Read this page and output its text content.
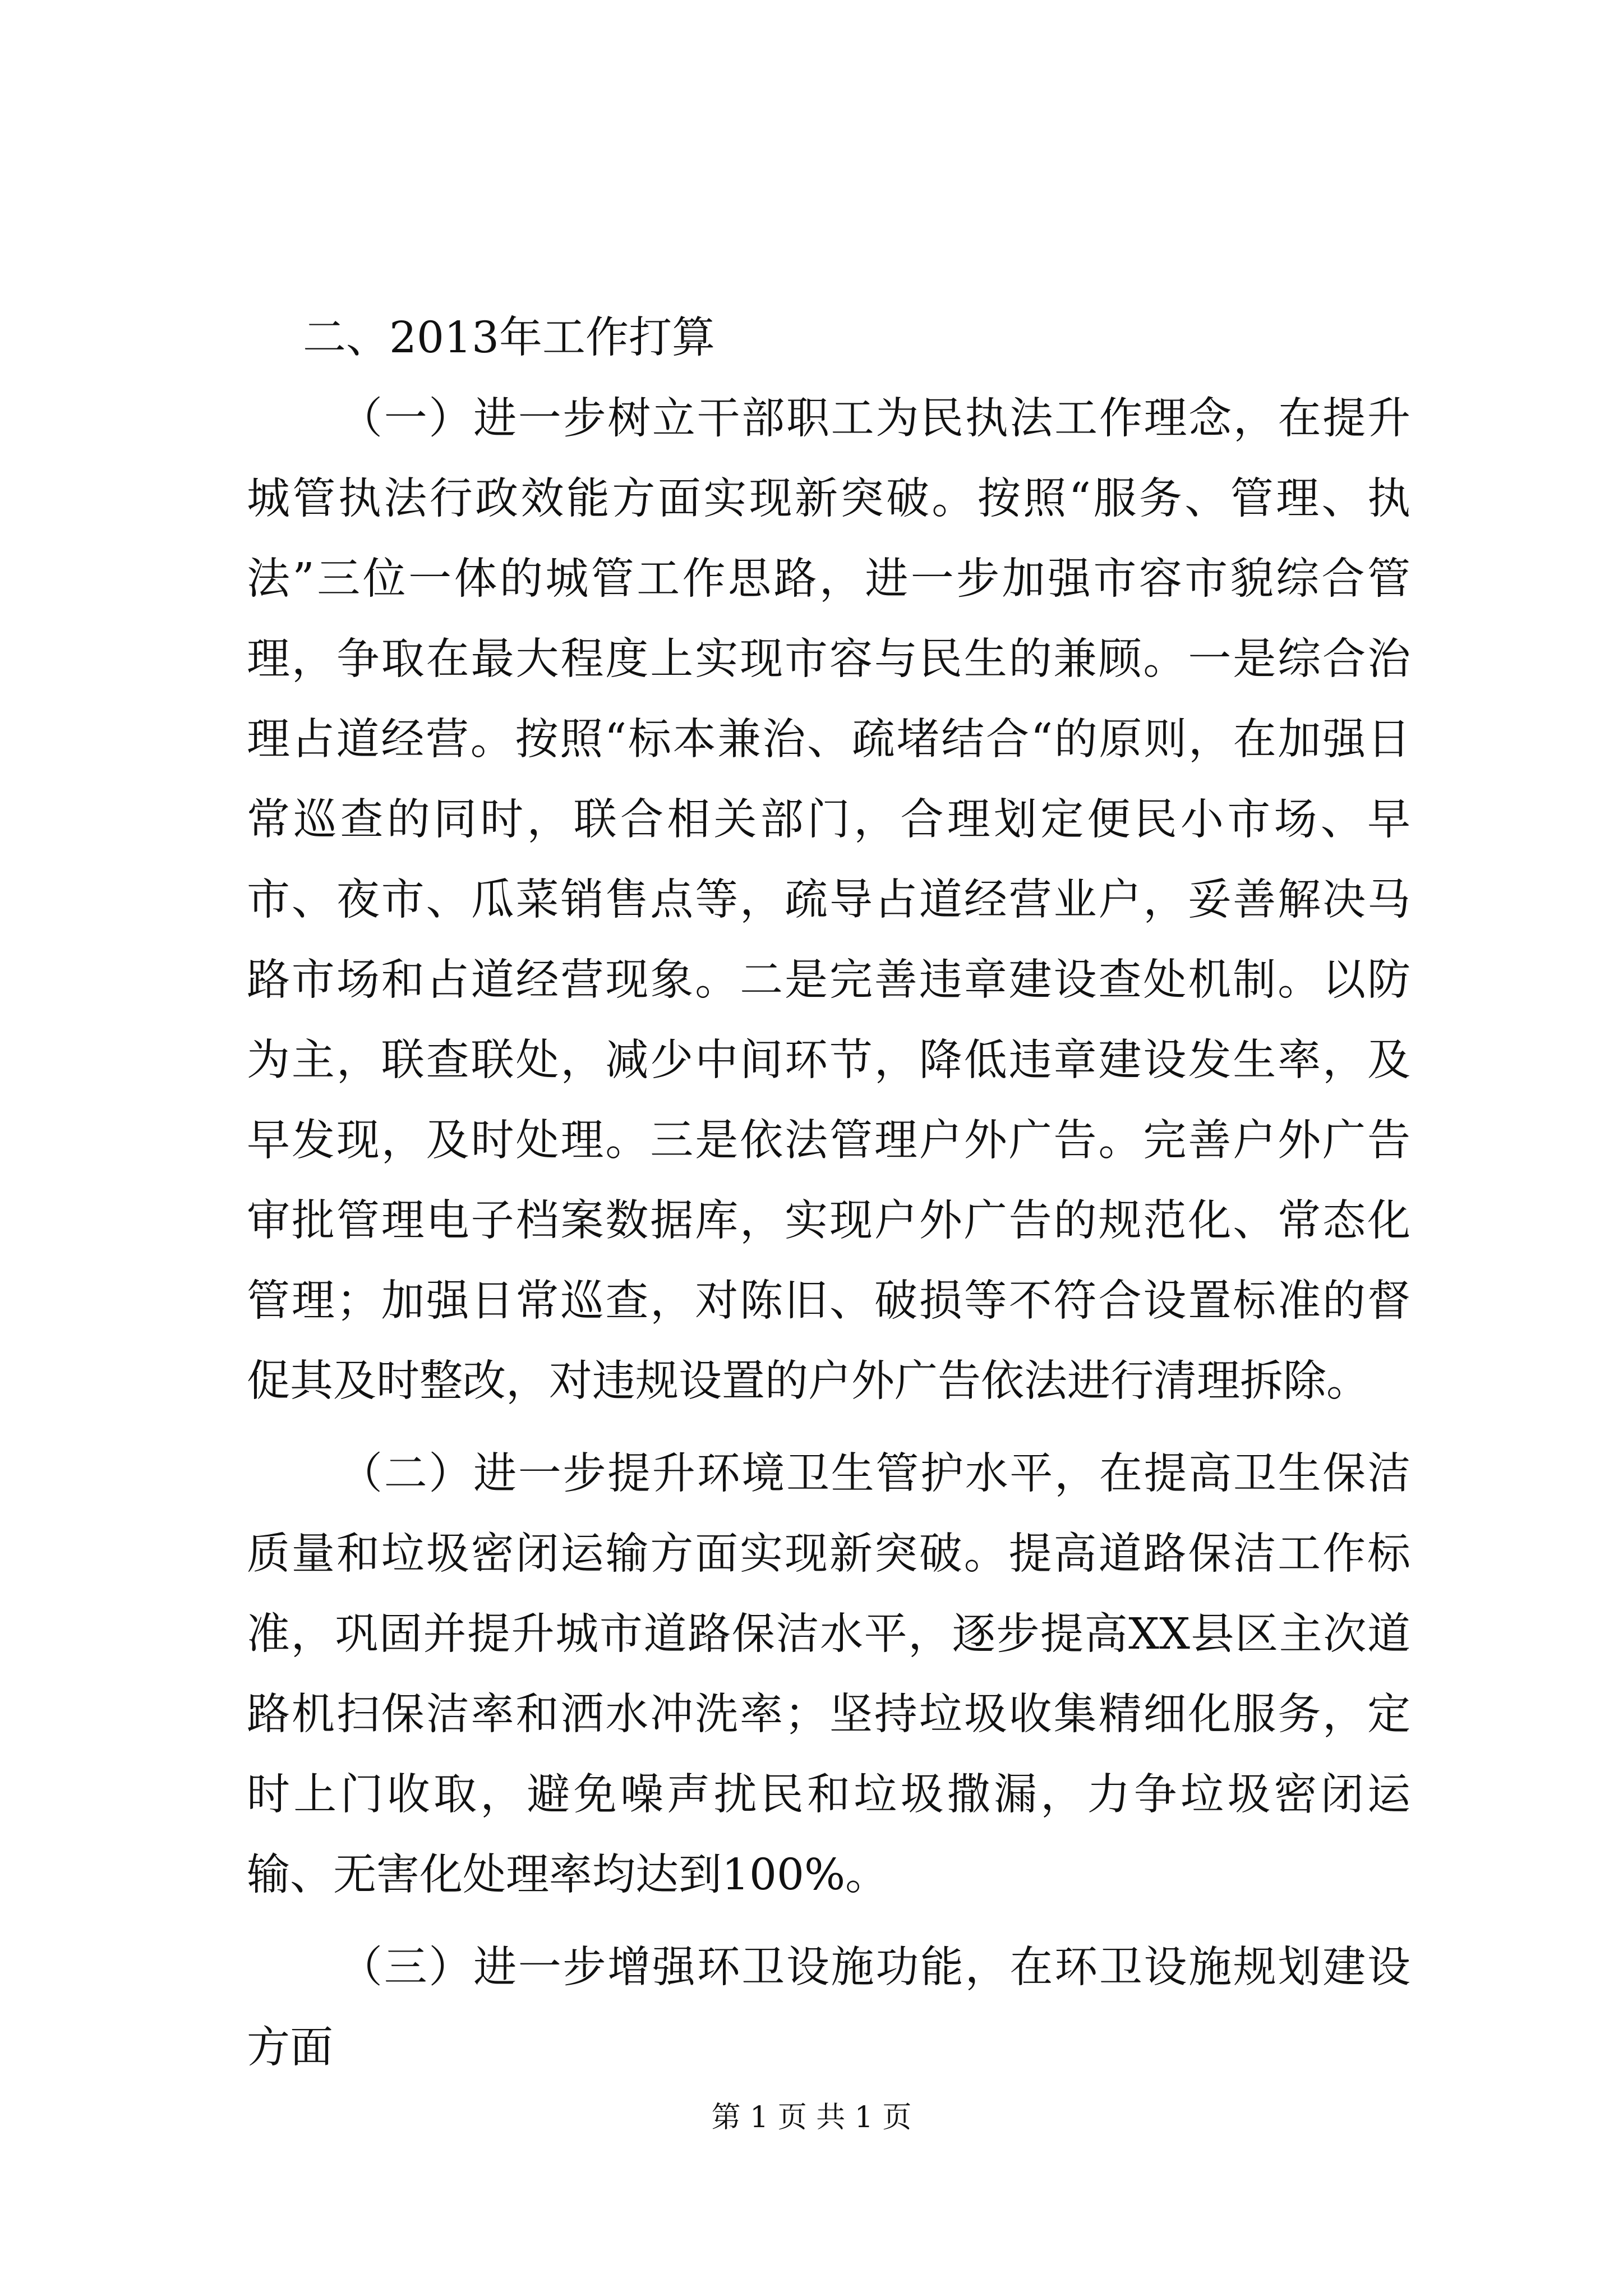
二、2013年工作打算

（一）进一步树立干部职工为民执法工作理念，在提升城管执法行政效能方面实现新突破。按照“服务、管理、执法”三位一体的城管工作思路，进一步加强市容市貌综合管理，争取在最大程度上实现市容与民生的兼顾。一是综合治理占道经营。按照“标本兼治、疏堵结合“的原则，在加强日常巡查的同时，联合相关部门，合理划定便民小市场、早市、夜市、瓜菜销售点等，疏导占道经营业户，妥善解决马路市场和占道经营现象。二是完善违章建设查处机制。以防为主，联查联处，减少中间环节，降低违章建设发生率，及早发现，及时处理。三是依法管理户外广告。完善户外广告审批管理电子档案数据库，实现户外广告的规范化、常态化管理；加强日常巡查，对陈旧、破损等不符合设置标准的督促其及时整改，对违规设置的户外广告依法进行清理拆除。

（二）进一步提升环境卫生管护水平，在提高卫生保洁质量和垃圾密闭运输方面实现新突破。提高道路保洁工作标准，巩固并提升城市道路保洁水平，逐步提高XX县区主次道路机扫保洁率和洒水冲洗率；坚持垃圾收集精细化服务，定时上门收取，避免噪声扰民和垃圾撒漏，力争垃圾密闭运输、无害化处理率均达到100%。

（三）进一步增强环卫设施功能，在环卫设施规划建设方面

第 1 页 共 1 页
